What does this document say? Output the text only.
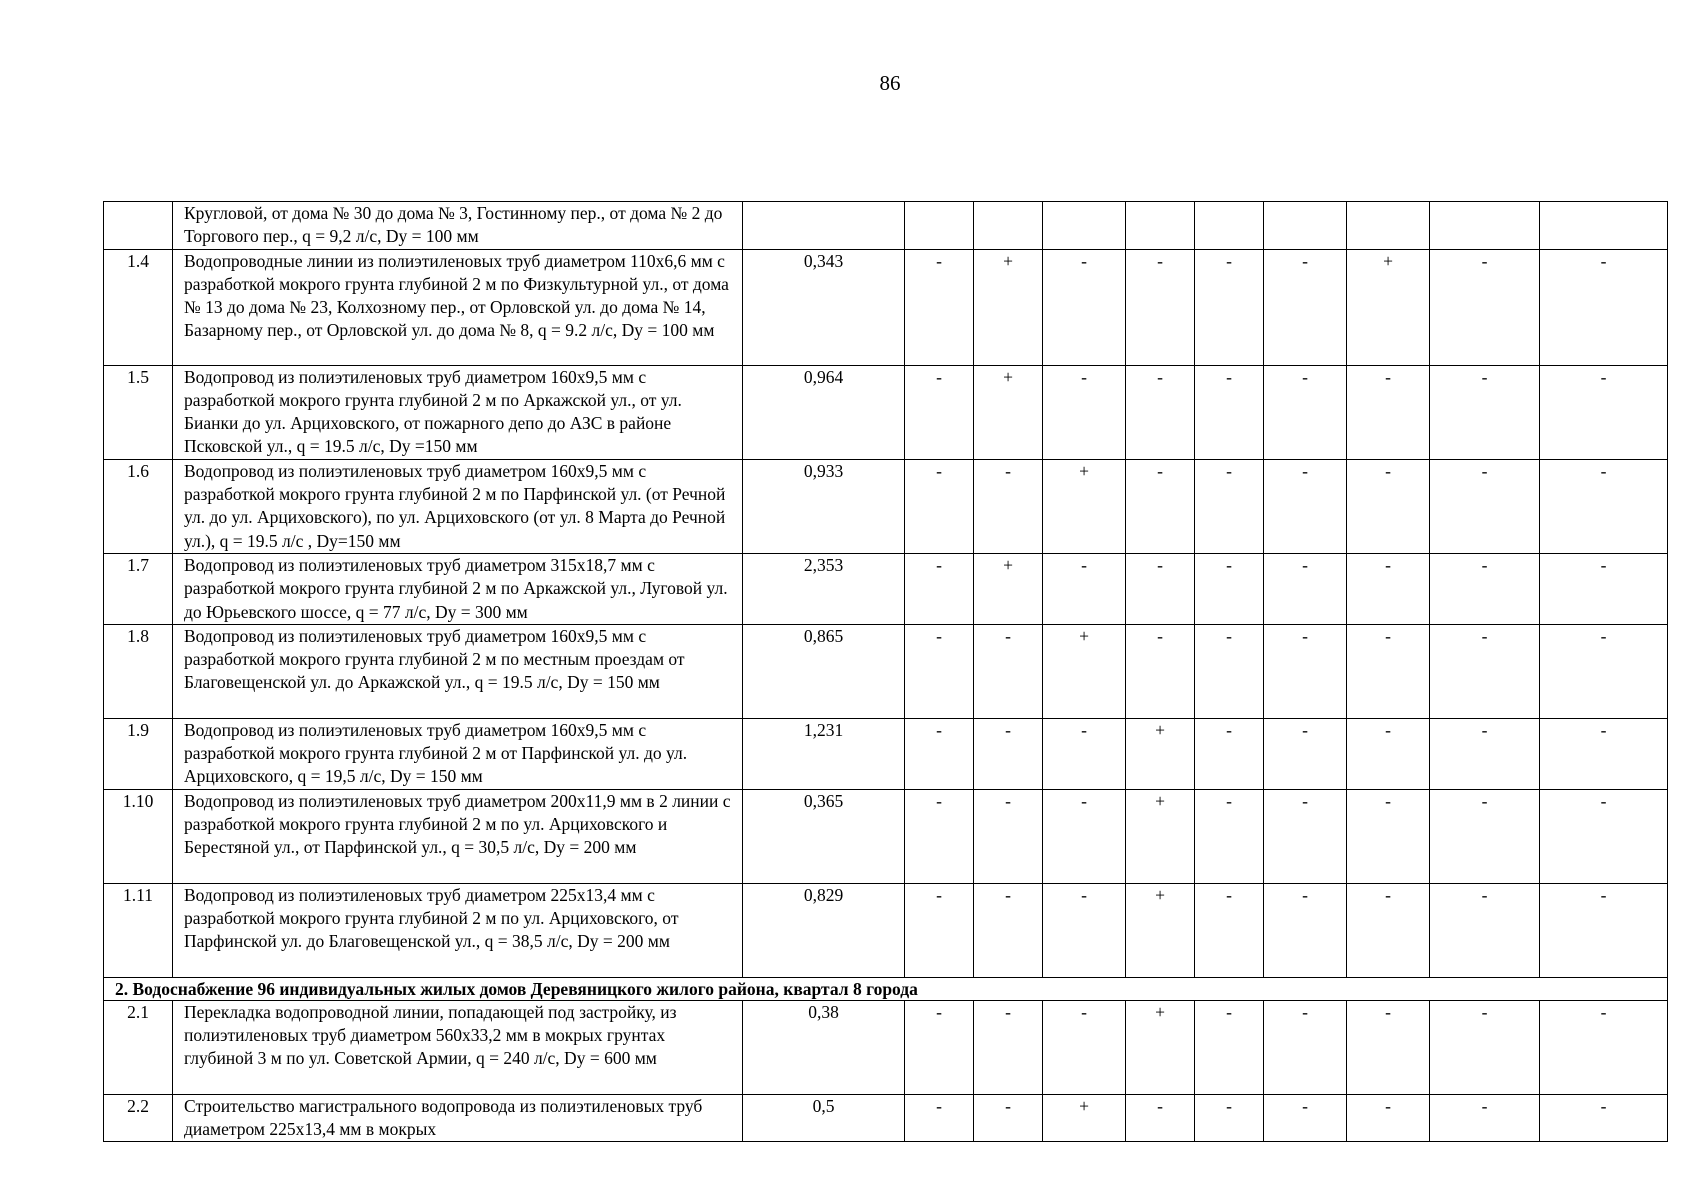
86
	Кругловой, от дома № 30 до дома № 3, Гостинному пер., от дома № 2 до Торгового пер., q = 9,2 л/с, Dy = 100 мм										
1.4	Водопроводные линии из полиэтиленовых труб диаметром 110х6,6 мм с разработкой мокрого грунта глубиной 2 м по Физкультурной ул., от дома № 13 до дома № 23, Колхозному пер., от Орловской ул. до дома № 14, Базарному пер., от Орловской ул. до дома № 8, q = 9.2 л/с, Dy = 100 мм	0,343	-	+	-	-	-	-	+	-	-
1.5	Водопровод из полиэтиленовых труб диаметром 160х9,5 мм с разработкой мокрого грунта глубиной 2 м по Аркажской ул., от ул. Бианки до ул. Арциховского, от пожарного депо до АЗС в районе Псковской ул., q = 19.5 л/с, Dy =150 мм	0,964	-	+	-	-	-	-	-	-	-
1.6	Водопровод из полиэтиленовых труб диаметром 160х9,5 мм с разработкой мокрого грунта глубиной 2 м по Парфинской ул. (от Речной ул. до ул. Арциховского), по ул. Арциховского (от ул. 8 Марта до Речной ул.), q = 19.5 л/с , Dy=150 мм	0,933	-	-	+	-	-	-	-	-	-
1.7	Водопровод из полиэтиленовых труб диаметром 315х18,7 мм с разработкой мокрого грунта глубиной 2 м по Аркажской ул., Луговой ул. до Юрьевского шоссе, q = 77 л/с, Dy = 300 мм	2,353	-	+	-	-	-	-	-	-	-
1.8	Водопровод из полиэтиленовых труб диаметром 160х9,5 мм с разработкой мокрого грунта глубиной 2 м по местным проездам от Благовещенской ул. до Аркажской ул., q = 19.5 л/с, Dy = 150 мм	0,865	-	-	+	-	-	-	-	-	-
1.9	Водопровод из полиэтиленовых труб диаметром 160х9,5 мм с разработкой мокрого грунта глубиной 2 м от Парфинской ул. до ул. Арциховского, q = 19,5 л/с, Dy = 150 мм	1,231	-	-	-	+	-	-	-	-	-
1.10	Водопровод из полиэтиленовых труб диаметром 200х11,9 мм в 2 линии с разработкой мокрого грунта глубиной 2 м по ул. Арциховского и Берестяной ул., от Парфинской ул., q = 30,5 л/с, Dy = 200 мм	0,365	-	-	-	+	-	-	-	-	-
1.11	Водопровод из полиэтиленовых труб диаметром 225х13,4 мм с разработкой мокрого грунта глубиной 2 м по ул. Арциховского, от Парфинской ул. до Благовещенской ул., q = 38,5 л/с, Dy = 200 мм	0,829	-	-	-	+	-	-	-	-	-
2. Водоснабжение 96 индивидуальных жилых домов Деревяницкого жилого района, квартал 8 города											
2.1	Перекладка водопроводной линии, попадающей под застройку, из полиэтиленовых труб диаметром 560х33,2 мм в мокрых грунтах глубиной 3 м по ул. Советской Армии, q = 240 л/с, Dy = 600 мм	0,38	-	-	-	+	-	-	-	-	-
2.2	Строительство магистрального водопровода из полиэтиленовых труб диаметром 225х13,4 мм в мокрых	0,5	-	-	+	-	-	-	-	-	-
